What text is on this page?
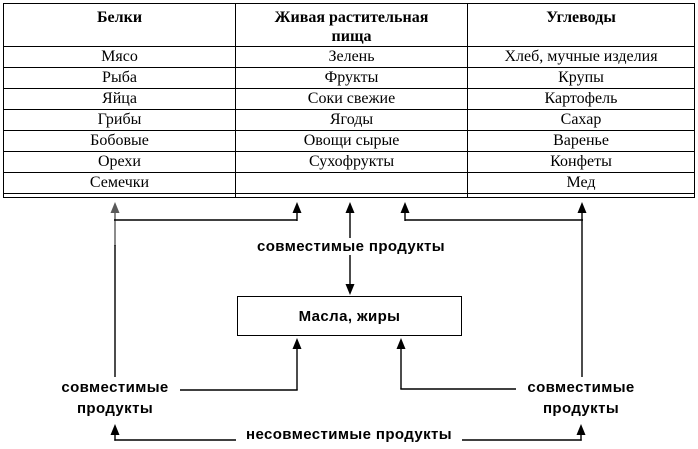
Белки	Живая растительная пища	Углеводы
Мясо	Зелень	Хлеб, мучные изделия
Рыба	Фрукты	Крупы
Яйца	Соки свежие	Картофель
Грибы	Ягоды	Сахар
Бобовые	Овощи сырые	Варенье
Орехи	Сухофрукты	Конфеты
Семечки		Мед

Масла, жиры
совместимые продукты
совместимые продукты
совместимые продукты
несовместимые продукты
